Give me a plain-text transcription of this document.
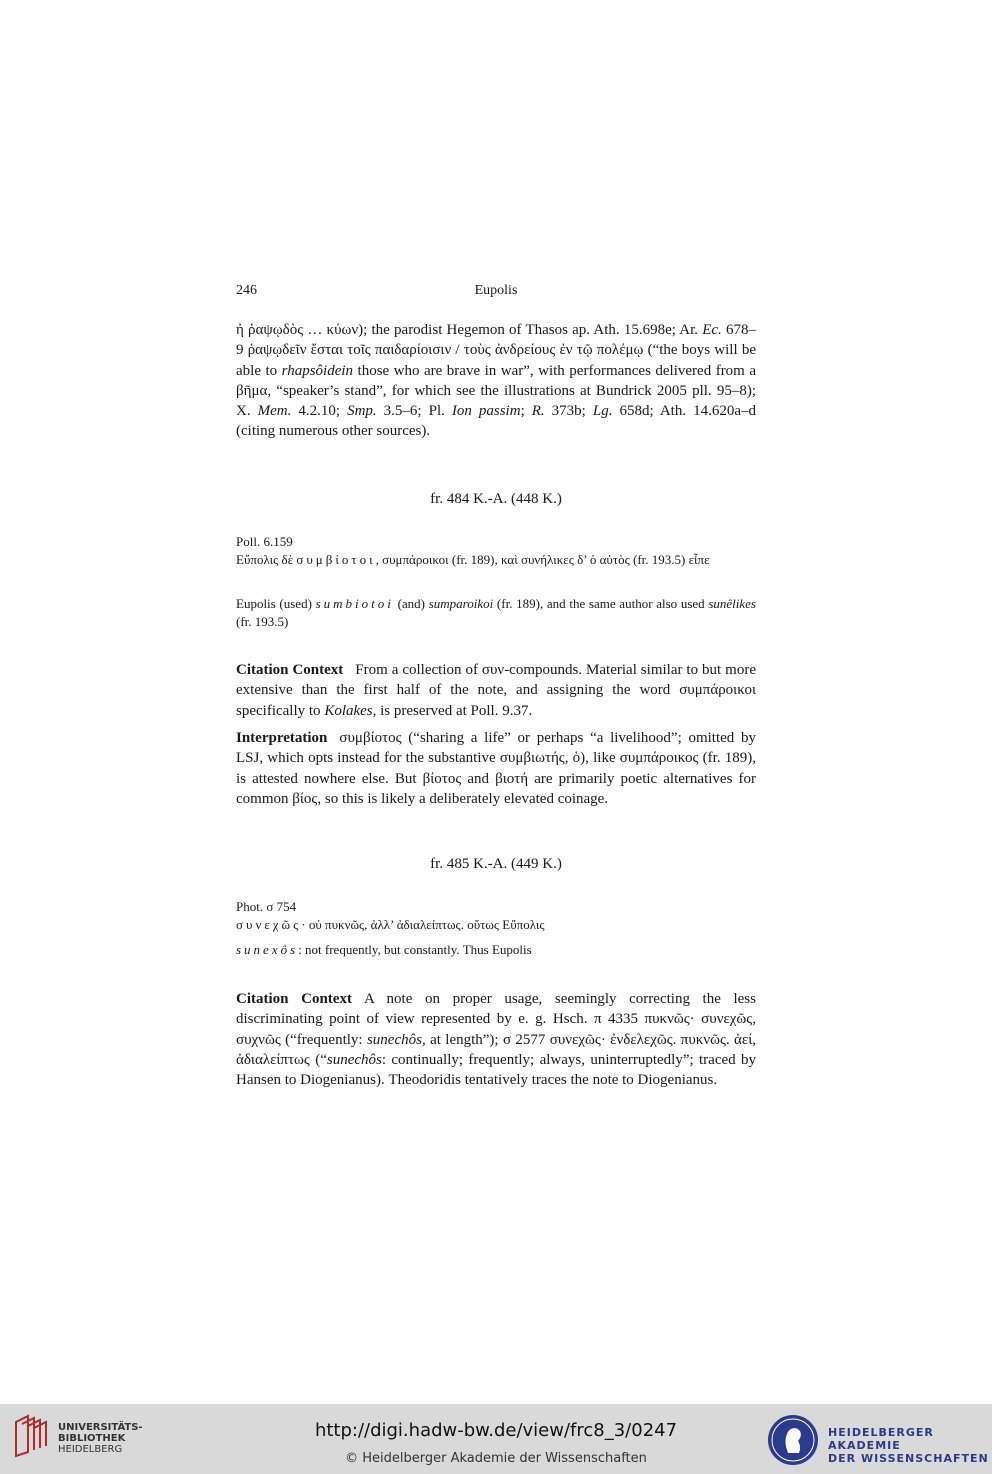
246	Eupolis
ἠ ῥαψῳδὸς … κύων); the parodist Hegemon of Thasos ap. Ath. 15.698e; Ar. Ec. 678–9 ῥαψῳδεῖν ἔσται τοῖς παιδαρίοισιν / τοὺς ἀνδρείους ἐν τῷ πολέμῳ (“the boys will be able to rhapsôidein those who are brave in war”, with performances delivered from a βῆμα, “speaker’s stand”, for which see the illustrations at Bundrick 2005 pll. 95–8); X. Mem. 4.2.10; Smp. 3.5–6; Pl. Ion passim; R. 373b; Lg. 658d; Ath. 14.620a–d (citing numerous other sources).
fr. 484 K.-A. (448 K.)
Poll. 6.159
Εὔπολις δὲ συμβίοτοι, συμπάροικοι (fr. 189), καὶ συνήλικες δ’ ὁ αὐτὸς (fr. 193.5) εἶπε
Eupolis (used) sumbiotoi (and) sumparoikoi (fr. 189), and the same author also used sunêlikes (fr. 193.5)
Citation Context From a collection of συν-compounds. Material similar to but more extensive than the first half of the note, and assigning the word συμπάροικοι specifically to Kolakes, is preserved at Poll. 9.37.
Interpretation συμβίοτος (“sharing a life” or perhaps “a livelihood”; omitted by LSJ, which opts instead for the substantive συμβιωτής, ὁ), like συμπάροικος (fr. 189), is attested nowhere else. But βίοτος and βιοτή are primarily poetic alternatives for common βίος, so this is likely a deliberately elevated coinage.
fr. 485 K.-A. (449 K.)
Phot. σ 754
συνεχῶς· οὐ πυκνῶς, ἀλλ’ ἀδιαλείπτως. οὕτως Εὔπολις
sunexôs: not frequently, but constantly. Thus Eupolis
Citation Context A note on proper usage, seemingly correcting the less discriminating point of view represented by e. g. Hsch. π 4335 πυκνῶς· συνεχῶς, συχνῶς (“frequently: sunechôs, at length”); σ 2577 συνεχῶς· ἐνδελεχῶς. πυκνῶς. ἀεί, ἀδιαλείπτως (“sunechôs: continually; frequently; always, uninterruptedly”; traced by Hansen to Diogenianus). Theodoridis tentatively traces the note to Diogenianus.
UNIVERSITÄTS-
BIBLIOTHEK
HEIDELBERG
http://digi.hadw-bw.de/view/frc8_3/0247
© Heidelberger Akademie der Wissenschaften
HEIDELBERGER AKADEMIE
DER WISSENSCHAFTEN
